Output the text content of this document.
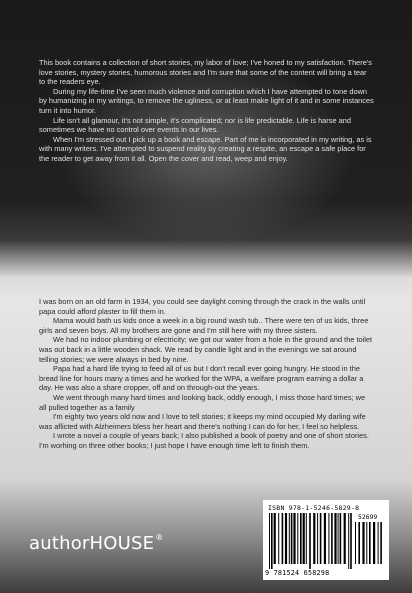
This book contains a collection of short stories, my labor of love; I've honed to my satisfaction. There's love stories, mystery stories, humorous stories and I'm sure that some of the content will bring a tear to the readers eye.

During my life-time I've seen much violence and corruption which I have attempted to tone down by humanizing in my writings, to remove the ugliness, or at least make light of it and in some instances turn it into humor.

Life isn't all glamour, it's not simple, it's complicated; nor is life predictable. Life is harse and sometimes we have no control over events in our lives.

When I'm stressed out I pick up a book and escape. Part of me is incorporated in my writing, as is with many writers. I've attempted to suspend reality by creating a respite, an escape a safe place for the reader to get away from it all. Open the cover and read, weep and enjoy.

I was born on an old farm in 1934, you could see daylight coming through the crack in the walls until papa could afford plaster to fill them in.

Mama would bath us kids once a week in a big round wash tub.. There were ten of us kids, three girls and seven boys. All my brothers are gone and I'm still here with my three sisters.

We had no indoor plumbing or electricity; we got our water from a hole in the ground and the toilet was out back in a little wooden shack. We read by candle light and in the evenings we sat around telling stories; we were always in bed by nine.

Papa had a hard life trying to feed all of us but I don't recall ever going hungry. He stood in the bread line for hours many a times and he worked for the WPA, a welfare program earning a dollar a day. He was also a share cropper, off and on through-out the years.

We went through many hard times and looking back, oddly enough, I miss those hard times; we all pulled together as a family

I'm eighty two years old now and I love to tell stories; it keeps my mind occupied My darling wife was aflicted with Alzheimers bless her heart and there's nothing I can do for her, I feel so helpless.

I wrote a novel a couple of years back; I also published a book of poetry and one of short stories. I'm worhing on three other books; I just hope I have enough time left to finish them.

authorHOUSE®
ISBN 978-1-5246-5829-8
52699
9 781524 658298
